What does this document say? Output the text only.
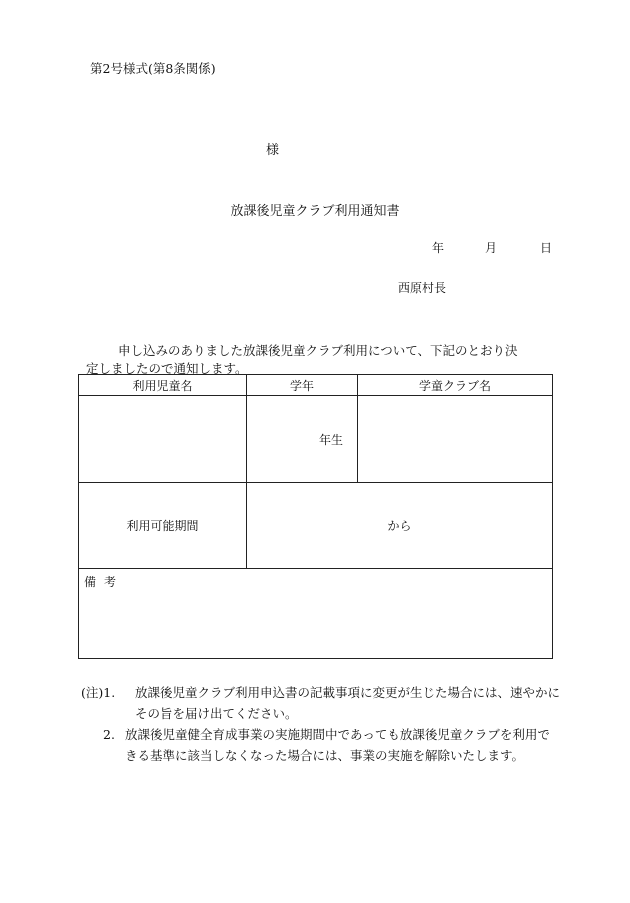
第2号様式(第8条関係)
様
放課後児童クラブ利用通知書
年	月	日
西原村長
申し込みのありました放課後児童クラブ利用について、下記のとおり決
定しましたので通知します。
利用児童名	学年	学童クラブ名
	年生	
利用可能期間	から	
備考		
(注)1. 放課後児童クラブ利用申込書の記載事項に変更が生じた場合には、速やかにその旨を届け出てください。
2. 放課後児童健全育成事業の実施期間中であっても放課後児童クラブを利用できる基準に該当しなくなった場合には、事業の実施を解除いたします。
